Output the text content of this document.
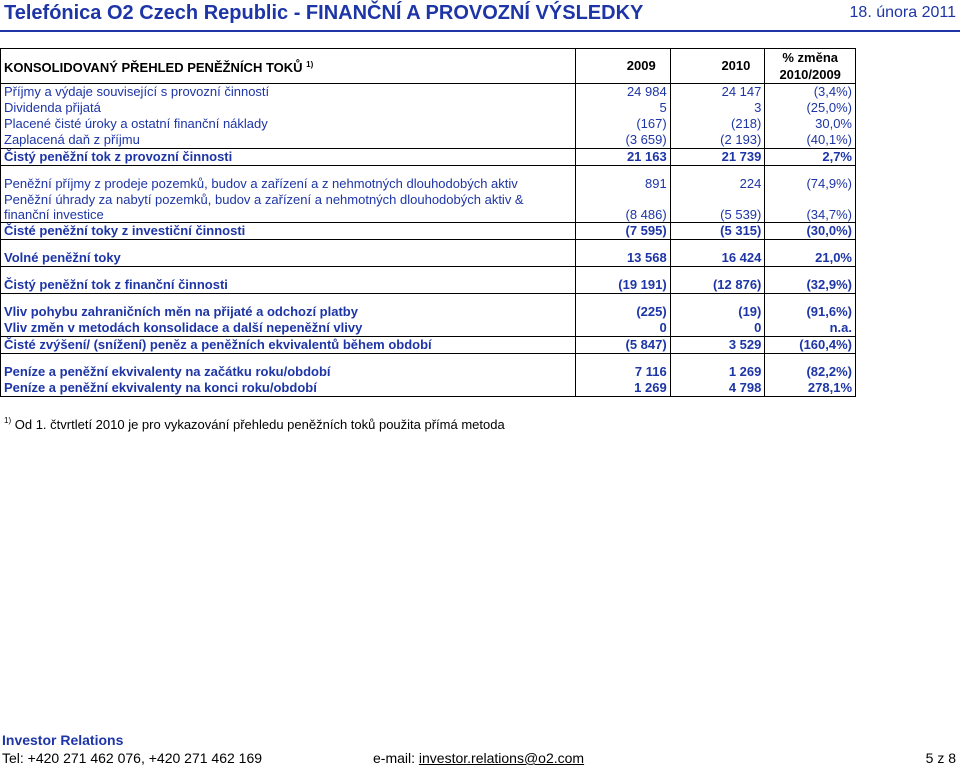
Telefónica O2 Czech Republic - FINANČNÍ A PROVOZNÍ VÝSLEDKY	18. února 2011
KONSOLIDOVANÝ PŘEHLED PENĚŽNÍCH TOKŮ $^{1)}$	2009	2010	% změna
2010/2009
Příjmy a výdaje související s provozní činností	24 984	24 147	(3,4%)
Dividenda přijatá	5	3	(25,0%)
Placené čisté úroky a ostatní finanční náklady	(167)	(218)	30,0%
Zaplacená daň z příjmu	(3 659)	(2 193)	(40,1%)
Čistý peněžní tok z provozní činnosti	21 163	21 739	2,7%

Peněžní příjmy z prodeje pozemků, budov a zařízení a z nehmotných dlouhodobých aktiv	891	224	(74,9%)
Peněžní úhrady za nabytí pozemků, budov a zařízení a nehmotných dlouhodobých aktiv &
finanční investice	(8 486)	(5 539)	(34,7%)
Čisté peněžní toky z investiční činnosti	(7 595)	(5 315)	(30,0%)

Volné peněžní toky	13 568	16 424	21,0%

Čistý peněžní tok z finanční činnosti	(19 191)	(12 876)	(32,9%)

Vliv pohybu zahraničních měn na přijaté a odchozí platby	(225)	(19)	(91,6%)
Vliv změn v metodách konsolidace a další nepeněžní vlivy	0	0	n.a.
Čisté zvýšení/ (snížení) peněz a peněžních ekvivalentů během období	(5 847)	3 529	(160,4%)

Peníze a peněžní ekvivalenty na začátku roku/období	7 116	1 269	(82,2%)
Peníze a peněžní ekvivalenty na konci roku/období	1 269	4 798	278,1%
$^{1)}$ Od 1. čtvrtletí 2010 je pro vykazování přehledu peněžních toků použita přímá metoda
Investor Relations
Tel: +420 271 462 076, +420 271 462 169	e-mail: investor.relations@o2.com	5 z 8
